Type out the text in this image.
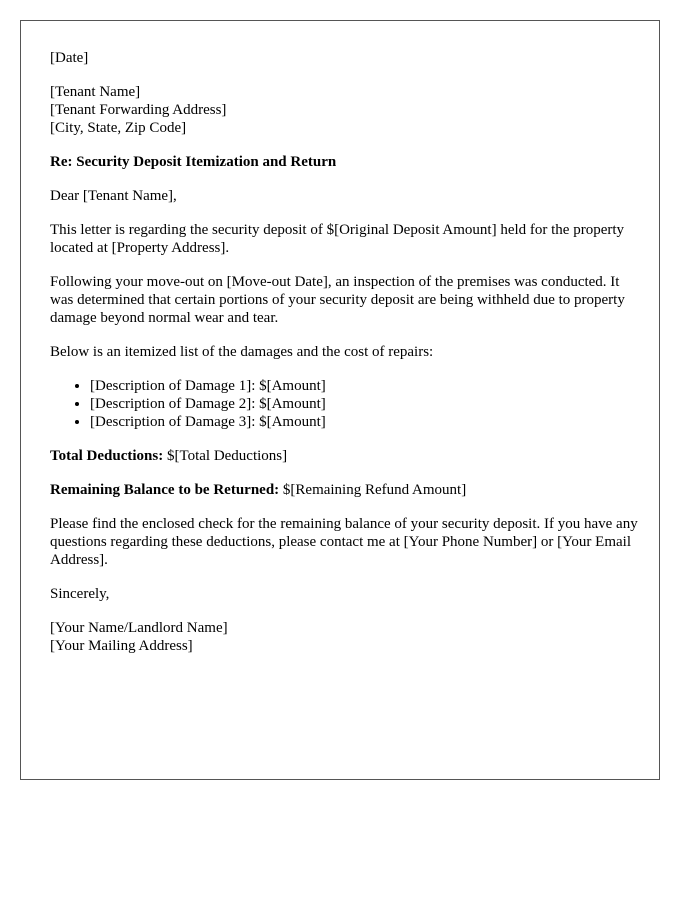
[Date]

[Tenant Name]
[Tenant Forwarding Address]
[City, State, Zip Code]

Re: Security Deposit Itemization and Return

Dear [Tenant Name],

This letter is regarding the security deposit of $[Original Deposit Amount] held for the property located at [Property Address].

Following your move-out on [Move-out Date], an inspection of the premises was conducted. It was determined that certain portions of your security deposit are being withheld due to property damage beyond normal wear and tear.

Below is an itemized list of the damages and the cost of repairs:

• [Description of Damage 1]: $[Amount]
• [Description of Damage 2]: $[Amount]
• [Description of Damage 3]: $[Amount]

Total Deductions: $[Total Deductions]

Remaining Balance to be Returned: $[Remaining Refund Amount]

Please find the enclosed check for the remaining balance of your security deposit. If you have any questions regarding these deductions, please contact me at [Your Phone Number] or [Your Email Address].

Sincerely,

[Your Name/Landlord Name]
[Your Mailing Address]
